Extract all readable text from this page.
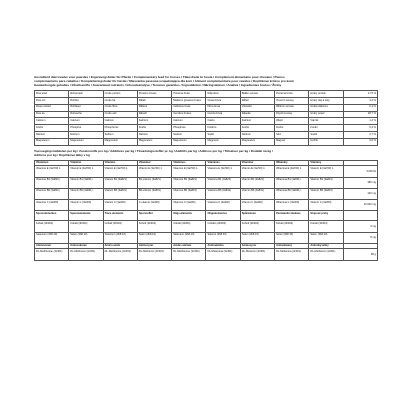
Ausrallend dierrovader vour paardes / Ergarzungsfutter für Pferde / Complementary feed for horses / Täkuslrede br houte / Complément alimentaire pour chevaux / Pienso
complementario para caballos / Kompletteringsfoder för hästar / Mieszanka paszowa uzupełniająca dla koni / Aliment complémentaire pour cavalos / Doplňkové krmivo pro koně
Gewaarborgde gehaltes / Inhaltsstoffe / Guaranteed nutrients / Inhoudsanalyse / Tenuous garanties / Ingrediënten / Näringsämnen / Analiza / Ingredientes brutos / Živiny
Ruw eiwit	Rohprotein	Crude protein	Proteine brutes	Proteína bruta	Råprotein	Białko surowe	Proteína bruta	Hrubý protein	17,5 %
Ruw vet	Rohfett	Crude fat	Rätall	Matières grasses brutes	Grasa bruta	Råfett	Tłuszcz surowy	Hrubý olej a tuky	4,2 %
Ruwe celstof	Rohfaser	Crude fibre	Räfiers	Cellulose brute	Fibra bruta	Växttråd	Włókno surowe	Hrubá vláknina	6,1 %
Ruw as	Rohasche	Crude ash	Rätuch	Cendres brutes	Ceniza bruta	Råaska	Popiół surowy	Hrubý popel	28,7 %
Calcium	Calcium	Calcium	Kalcium	Calcium	Calcio	Kalcium	Wapń	Vápník	1,2 %
Fosfor	Phosphor	Phosphorus	Fosfor	Phosphore	Fósforo	Fosfor	Fosfor	Fosfor	0,4 %
Natrium	Natrium	Sodium	Natrium	Sodium	Sodio	Natrium	Sód	Sodík	2,7 %
Magnesium	Magnesium	Magnesium	Magnesium	Magnésium	Magnesio	Magnesium	Magnez	Hořčík	6,0 %
Toevoegingsmiddelen per kg / Zusatzstoffe pro kg / Additives per kg / Tilsætningsstoffer pr. kg / Additifs par kg / Aditivos por kg / Tillsatser per kg / Dodatki na kg /
Aditivos por kg / Doplňkové látky v kg
Vitaminen	Vitamine	Vitamins	Vitaminer	Vitamines	Vitaminas	Vitaminer	Witaminy	Vitaminy	
Vitamine E (3a700) 1	Vitamin E (3a700) 1	Vitamin E (3a700) 1	Vitamin E (3a700) 1	Vitamine E (3a700) 1	Vitamina E (3a700) 1	Vitamin E (3a700) 1	Witamina E (3a700) 1	Vitamín E (3a700) 1	3.000 IE
Vitamine B1 (3a821)	Vitamin B1 (3a821)	Vitamin B1 (3a821)	B1-vitamin (3a821)	Vitamine B1 (3a821)	Vitamina B1 (3a821)	Vitamin B1 (3a821)	Witamina B1 (3a821)	Vitamín B1 (3a821)	180 mg
Vitamine B6 (3a831)	Vitamin B6 (3a831)	Vitamin B6 (3a831)	B6-vitamin (3a831)	Vitamine B6 (3a831)	Vitamina B6 (3a831)	Vitamin B6 (3a831)	Witamina B6 (3a831)	Vitamín B6 (3a831)	120 mg
Vitamine C (3a300)	Vitamin C (3a300)	Vitamin C (3a300)	C-vitamin (3a300)	Vitamine C (3a300)	Vitamina C (3a300)	Vitamin C (3a300)	Witamina C (3a300)	Vitamín C (3a300)	10.000 mg
Spoorelementen	Spurenelemente	Trace elements	Sporstoffer	Oligo-éléments	Oligoelementos	Spårämnen	Pierwiastki śladowe	Stopové prvky	
Kobalt (3b304)	Kobalt (3b304)	Cobalt (3b304)	Kobolt (3b304)	Cobalt (3b304)	Cobalto (3b304)	Kobolt (3b304)	Kobalt (3b304)	Kobalt (3b304)	3 mg
Selenium (3b8.10)	Selen (3b8.10)	Selenium (3b8.10)	Selen (3b8.10)	Sélénium (3b8.10)	Selenio (3b8.10)	Selen (3b8.10)	Selen (3b8.10)	Selen (3b8.10)	8 mg
Aminozuren	Aminosäuren	Amino acids	Aminosyrer	Acides aminés	Aminoácidos	Aminosyror	Aminokwasy	Aminokyseliny	
DL-Methionine (3c301)	DL-Methionin (3c301)	DL-Methionine (3c301)	DL-Methionin (3c301)	DL-Méthionine (3c301)	DL-Metionina (3c301)	DL-Metionin (3c301)	DL-Metionina (3c301)	DL-Methionin (3c301)	80 g
